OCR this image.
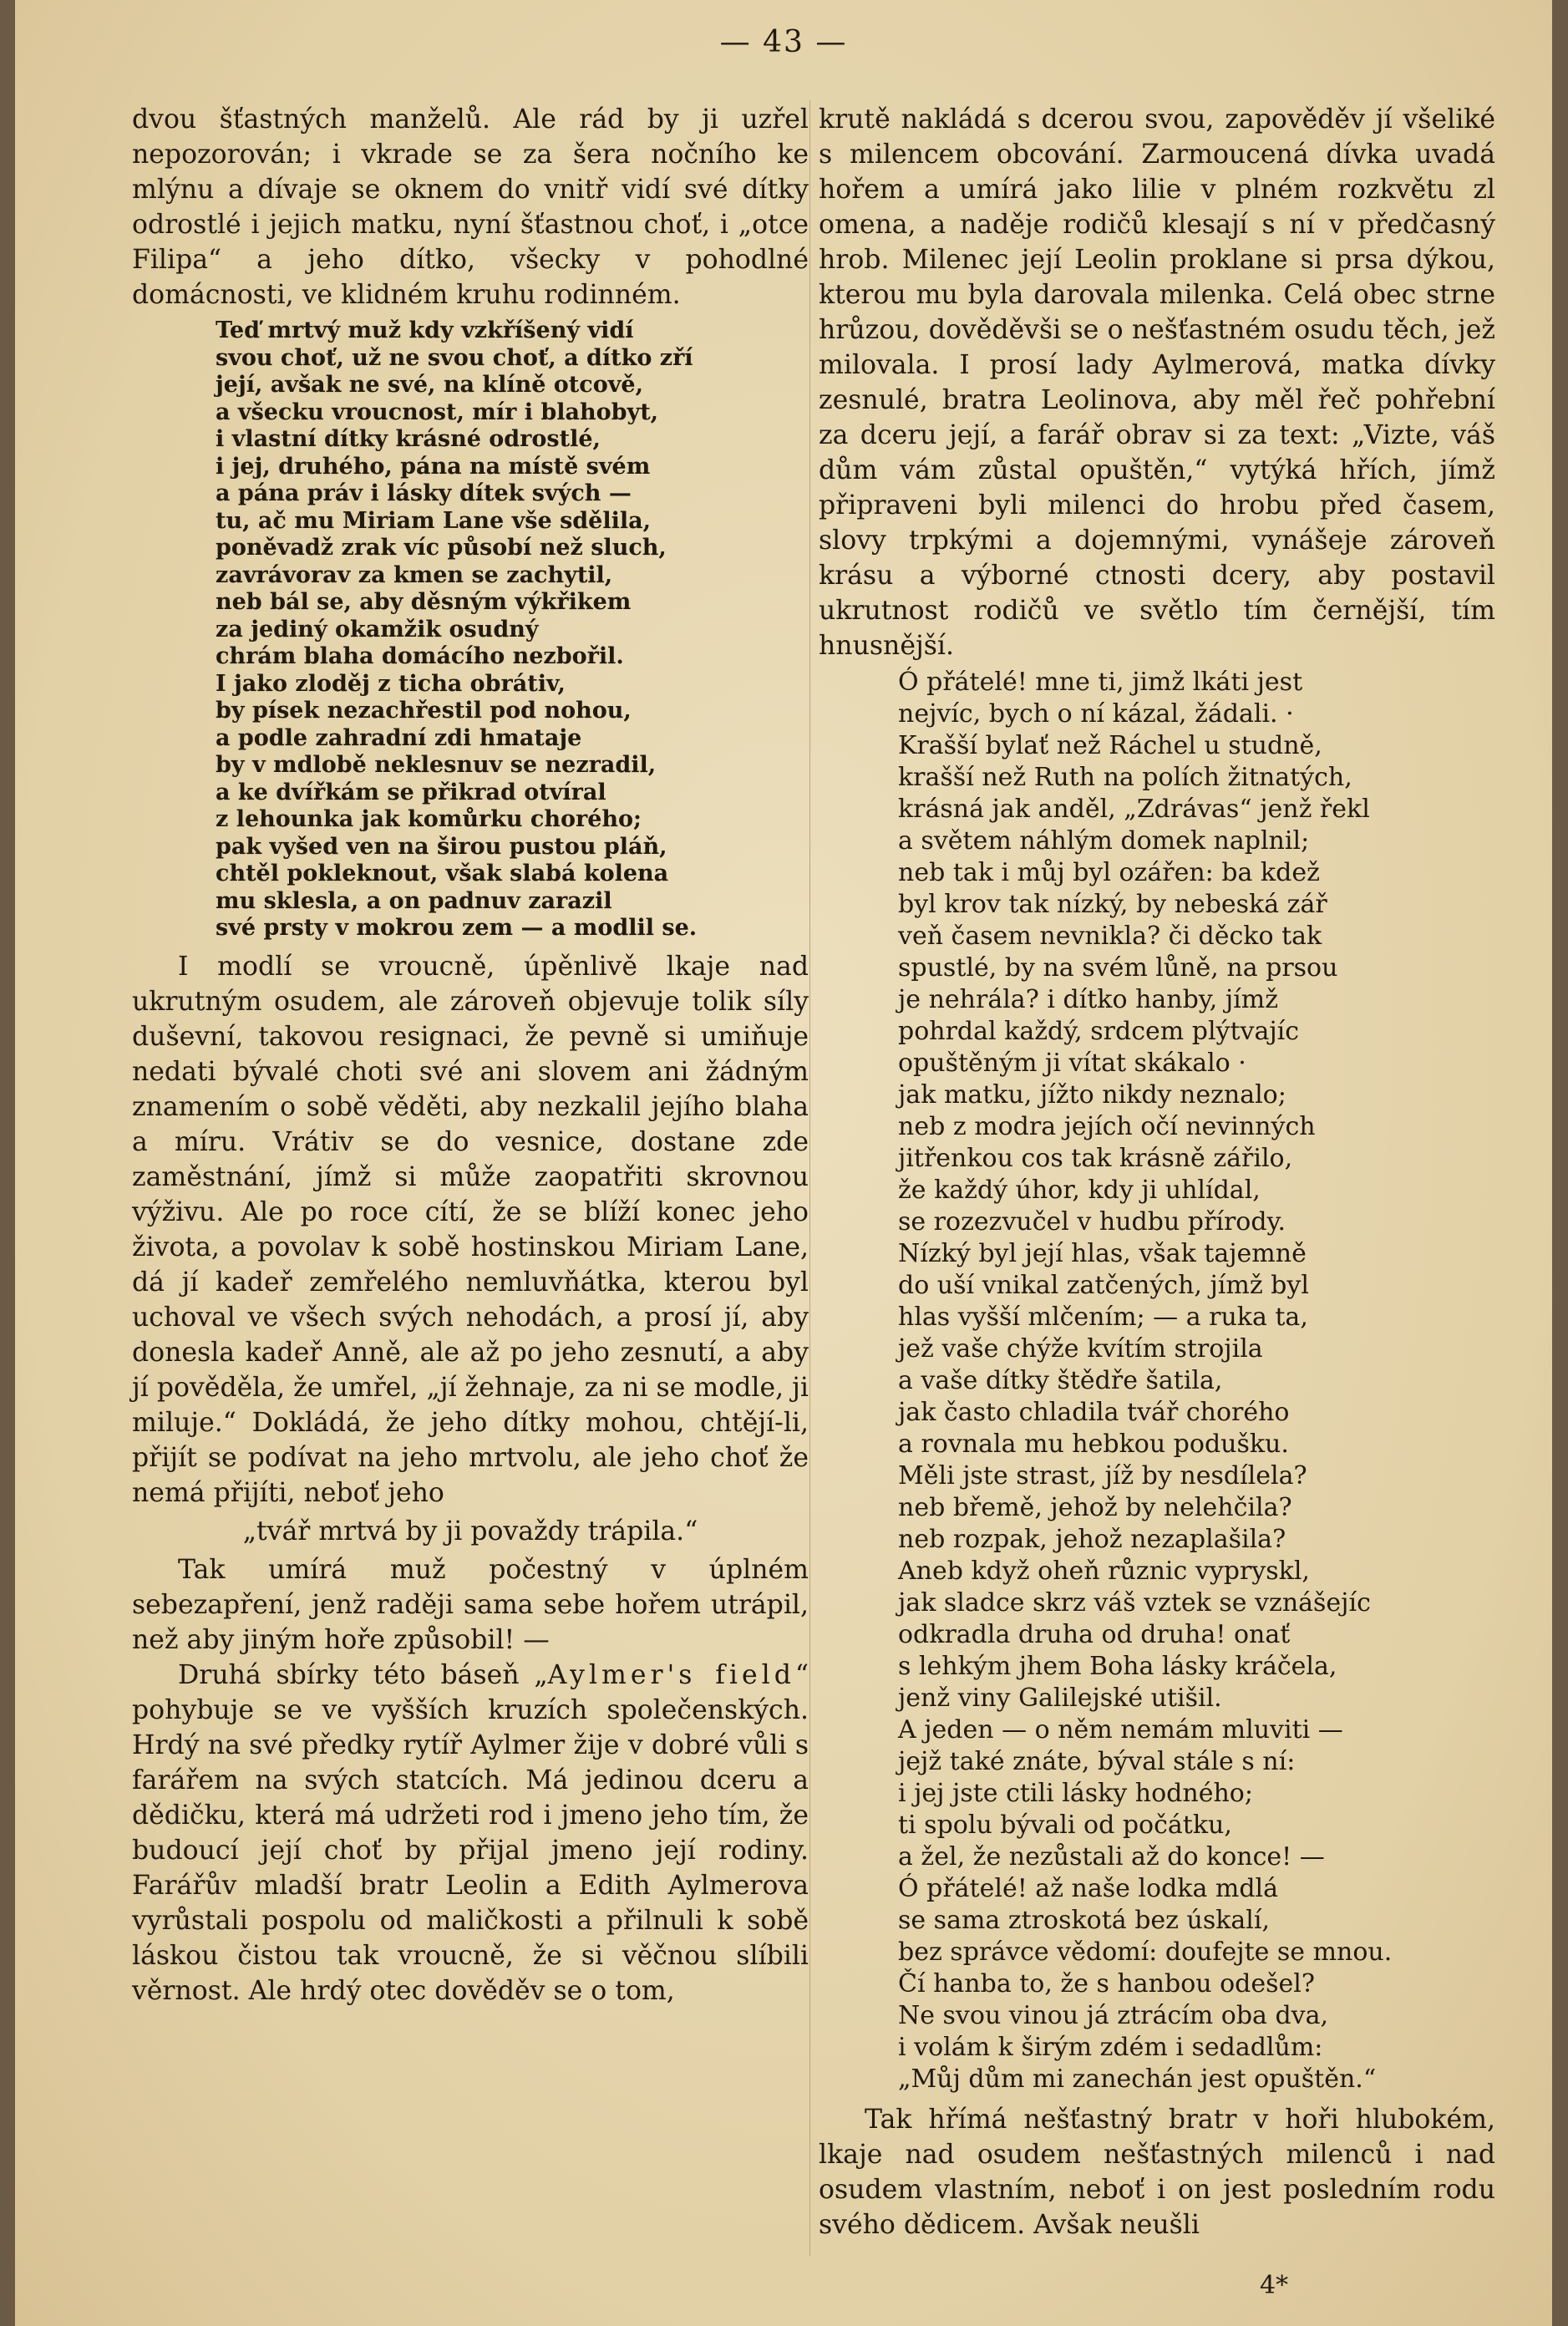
— 43 —

dvou šťastných manželů. Ale rád by ji uzřel nepozorován; i vkrade se za šera nočního ke mlýnu a dívaje se oknem do vnitř vidí své dítky odrostlé i jejich matku, nyní šťastnou choť, i „otce Filipa“ a jeho dítko, všecky v pohodlné domácnosti, ve klidném kruhu rodinném.

Teď mrtvý muž kdy vzkříšený vidí
svou choť, už ne svou choť, a dítko zří
její, avšak ne své, na klíně otcově,
a všecku vroucnost, mír i blahobyt,
i vlastní dítky krásné odrostlé,
i jej, druhého, pána na místě svém
a pána práv i lásky dítek svých —
tu, ač mu Miriam Lane vše sdělila,
poněvadž zrak víc působí než sluch,
zavrávorav za kmen se zachytil,
neb bál se, aby děsným výkřikem
za jediný okamžik osudný
chrám blaha domácího nezbořil.
I jako zloděj z ticha obrátiv,
by písek nezachřestil pod nohou,
a podle zahradní zdi hmataje
by v mdlobě neklesnuv se nezradil,
a ke dvířkám se přikrad otvíral
z lehounka jak komůrku chorého;
pak vyšed ven na širou pustou pláň,
chtěl pokleknout, však slabá kolena
mu sklesla, a on padnuv zarazil
své prsty v mokrou zem — a modlil se.

I modlí se vroucně, úpěnlivě lkaje nad ukrutným osudem, ale zároveň objevuje tolik síly duševní, takovou resignaci, že pevně si umiňuje nedati bývalé choti své ani slovem ani žádným znamením o sobě věděti, aby nezkalil jejího blaha a míru. Vrátiv se do vesnice, dostane zde zaměstnání, jímž si může zaopatřiti skrovnou výživu. Ale po roce cítí, že se blíží konec jeho života, a povolav k sobě hostinskou Miriam Lane, dá jí kadeř zemřelého nemluvňátka, kterou byl uchoval ve všech svých nehodách, a prosí jí, aby donesla kadeř Anně, ale až po jeho zesnutí, a aby jí pověděla, že umřel, „jí žehnaje, za ni se modle, ji miluje.“ Dokládá, že jeho dítky mohou, chtějí-li, přijít se podívat na jeho mrtvolu, ale jeho choť že nemá přijíti, neboť jeho

„tvář mrtvá by ji považdy trápila.“

Tak umírá muž počestný v úplném sebezapření, jenž raději sama sebe hořem utrápil, než aby jiným hoře způsobil! —

Druhá sbírky této báseň „Aylmer's field“ pohybuje se ve vyšších kruzích společenských. Hrdý na své předky rytíř Aylmer žije v dobré vůli s farářem na svých statcích. Má jedinou dceru a dědičku, která má udržeti rod i jmeno jeho tím, že budoucí její choť by přijal jmeno její rodiny. Farářův mladší bratr Leolin a Edith Aylmerova vyrůstali pospolu od maličkosti a přilnuli k sobě láskou čistou tak vroucně, že si věčnou slíbili věrnost. Ale hrdý otec dověděv se o tom,

krutě nakládá s dcerou svou, zapověděv jí všeliké s milencem obcování. Zarmoucená dívka uvadá hořem a umírá jako lilie v plném rozkvětu zl omena, a naděje rodičů klesají s ní v předčasný hrob. Milenec její Leolin proklane si prsa dýkou, kterou mu byla darovala milenka. Celá obec strne hrůzou, dověděvši se o nešťastném osudu těch, jež milovala. I prosí lady Aylmerová, matka dívky zesnulé, bratra Leolinova, aby měl řeč pohřební za dceru její, a farář obrav si za text: „Vizte, váš dům vám zůstal opuštěn,“ vytýká hřích, jímž připraveni byli milenci do hrobu před časem, slovy trpkými a dojemnými, vynášeje zároveň krásu a výborné ctnosti dcery, aby postavil ukrutnost rodičů ve světlo tím černější, tím hnusnější.

Ó přátelé! mne ti, jimž lkáti jest
nejvíc, bych o ní kázal, žádali. ·
Krašší bylať než Ráchel u studně,
krašší než Ruth na polích žitnatých,
krásná jak anděl, „Zdrávas“ jenž řekl
a světem náhlým domek naplnil;
neb tak i můj byl ozářen: ba kdež
byl krov tak nízký, by nebeská zář
veň časem nevnikla? či děcko tak
spustlé, by na svém lůně, na prsou
je nehrála? i dítko hanby, jímž
pohrdal každý, srdcem plýtvajíc
opuštěným ji vítat skákalo ·
jak matku, jížto nikdy neznalo;
neb z modra jejích očí nevinných
jitřenkou cos tak krásně zářilo,
že každý úhor, kdy ji uhlídal,
se rozezvučel v hudbu přírody.
Nízký byl její hlas, však tajemně
do uší vnikal zatčených, jímž byl
hlas vyšší mlčením; — a ruka ta,
jež vaše chýže kvítím strojila
a vaše dítky štědře šatila,
jak často chladila tvář chorého
a rovnala mu hebkou podušku.
Měli jste strast, jíž by nesdílela?
neb břemě, jehož by nelehčila?
neb rozpak, jehož nezaplašila?
Aneb když oheň různic vypryskl,
jak sladce skrz váš vztek se vznášejíc
odkradla druha od druha! onať
s lehkým jhem Boha lásky kráčela,
jenž viny Galilejské utišil.
A jeden — o něm nemám mluviti —
jejž také znáte, býval stále s ní:
i jej jste ctili lásky hodného;
ti spolu bývali od počátku,
a žel, že nezůstali až do konce! —
Ó přátelé! až naše lodka mdlá
se sama ztroskotá bez úskalí,
bez správce vědomí: doufejte se mnou.
Čí hanba to, že s hanbou odešel?
Ne svou vinou já ztrácím oba dva,
i volám k širým zdém i sedadlům:
„Můj dům mi zanechán jest opuštěn.“

Tak hřímá nešťastný bratr v hoři hlubokém, lkaje nad osudem nešťastných milenců i nad osudem vlastním, neboť i on jest posledním rodu svého dědicem. Avšak neušli

4*
